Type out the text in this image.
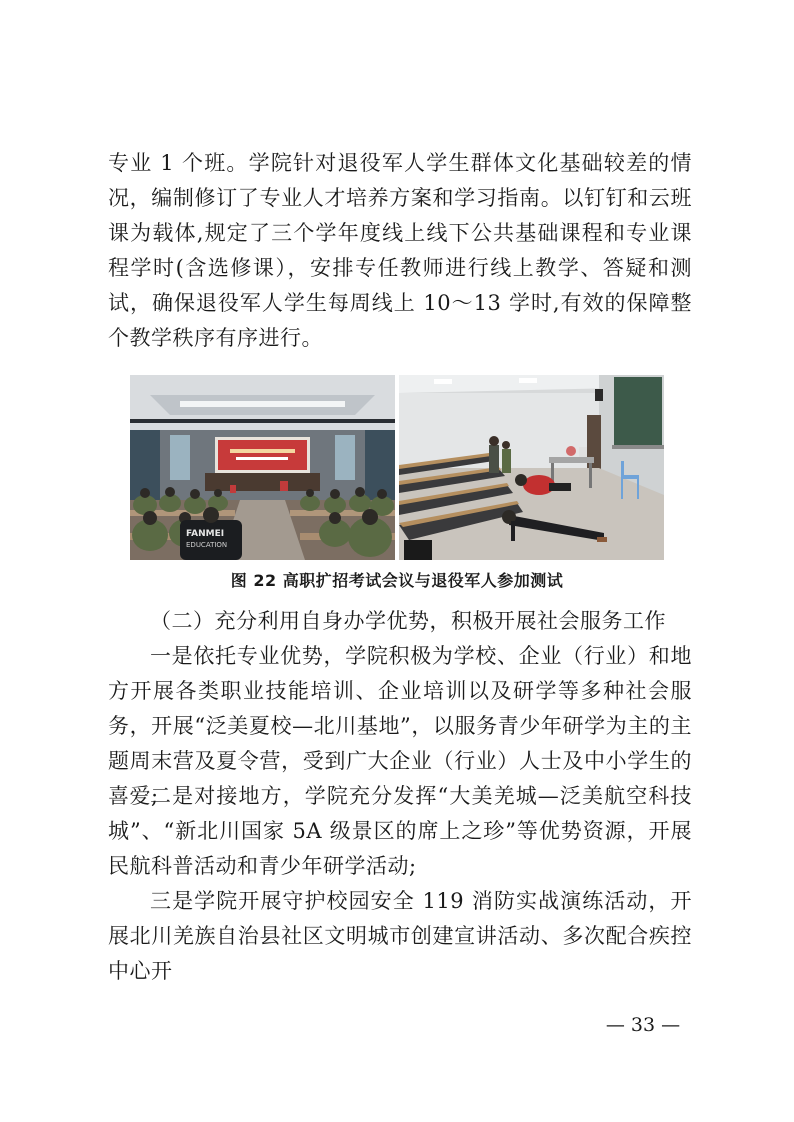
专业 1 个班。学院针对退役军人学生群体文化基础较差的情况，编制修订了专业人才培养方案和学习指南。以钉钉和云班课为载体,规定了三个学年度线上线下公共基础课程和专业课程学时(含选修课），安排专任教师进行线上教学、答疑和测试，确保退役军人学生每周线上 10～13 学时,有效的保障整个教学秩序有序进行。

FANMEI
EDUCATION
图 22 高职扩招考试会议与退役军人参加测试

（二）充分利用自身办学优势，积极开展社会服务工作

一是依托专业优势，学院积极为学校、企业（行业）和地方开展各类职业技能培训、企业培训以及研学等多种社会服务，开展“泛美夏校—北川基地”，以服务青少年研学为主的主题周末营及夏令营，受到广大企业（行业）人士及中小学生的喜爱;

二是对接地方，学院充分发挥“大美羌城—泛美航空科技城”、“新北川国家 5A 级景区的席上之珍”等优势资源，开展民航科普活动和青少年研学活动;

三是学院开展守护校园安全 119 消防实战演练活动，开展北川羌族自治县社区文明城市创建宣讲活动、多次配合疾控中心开

— 33 —
